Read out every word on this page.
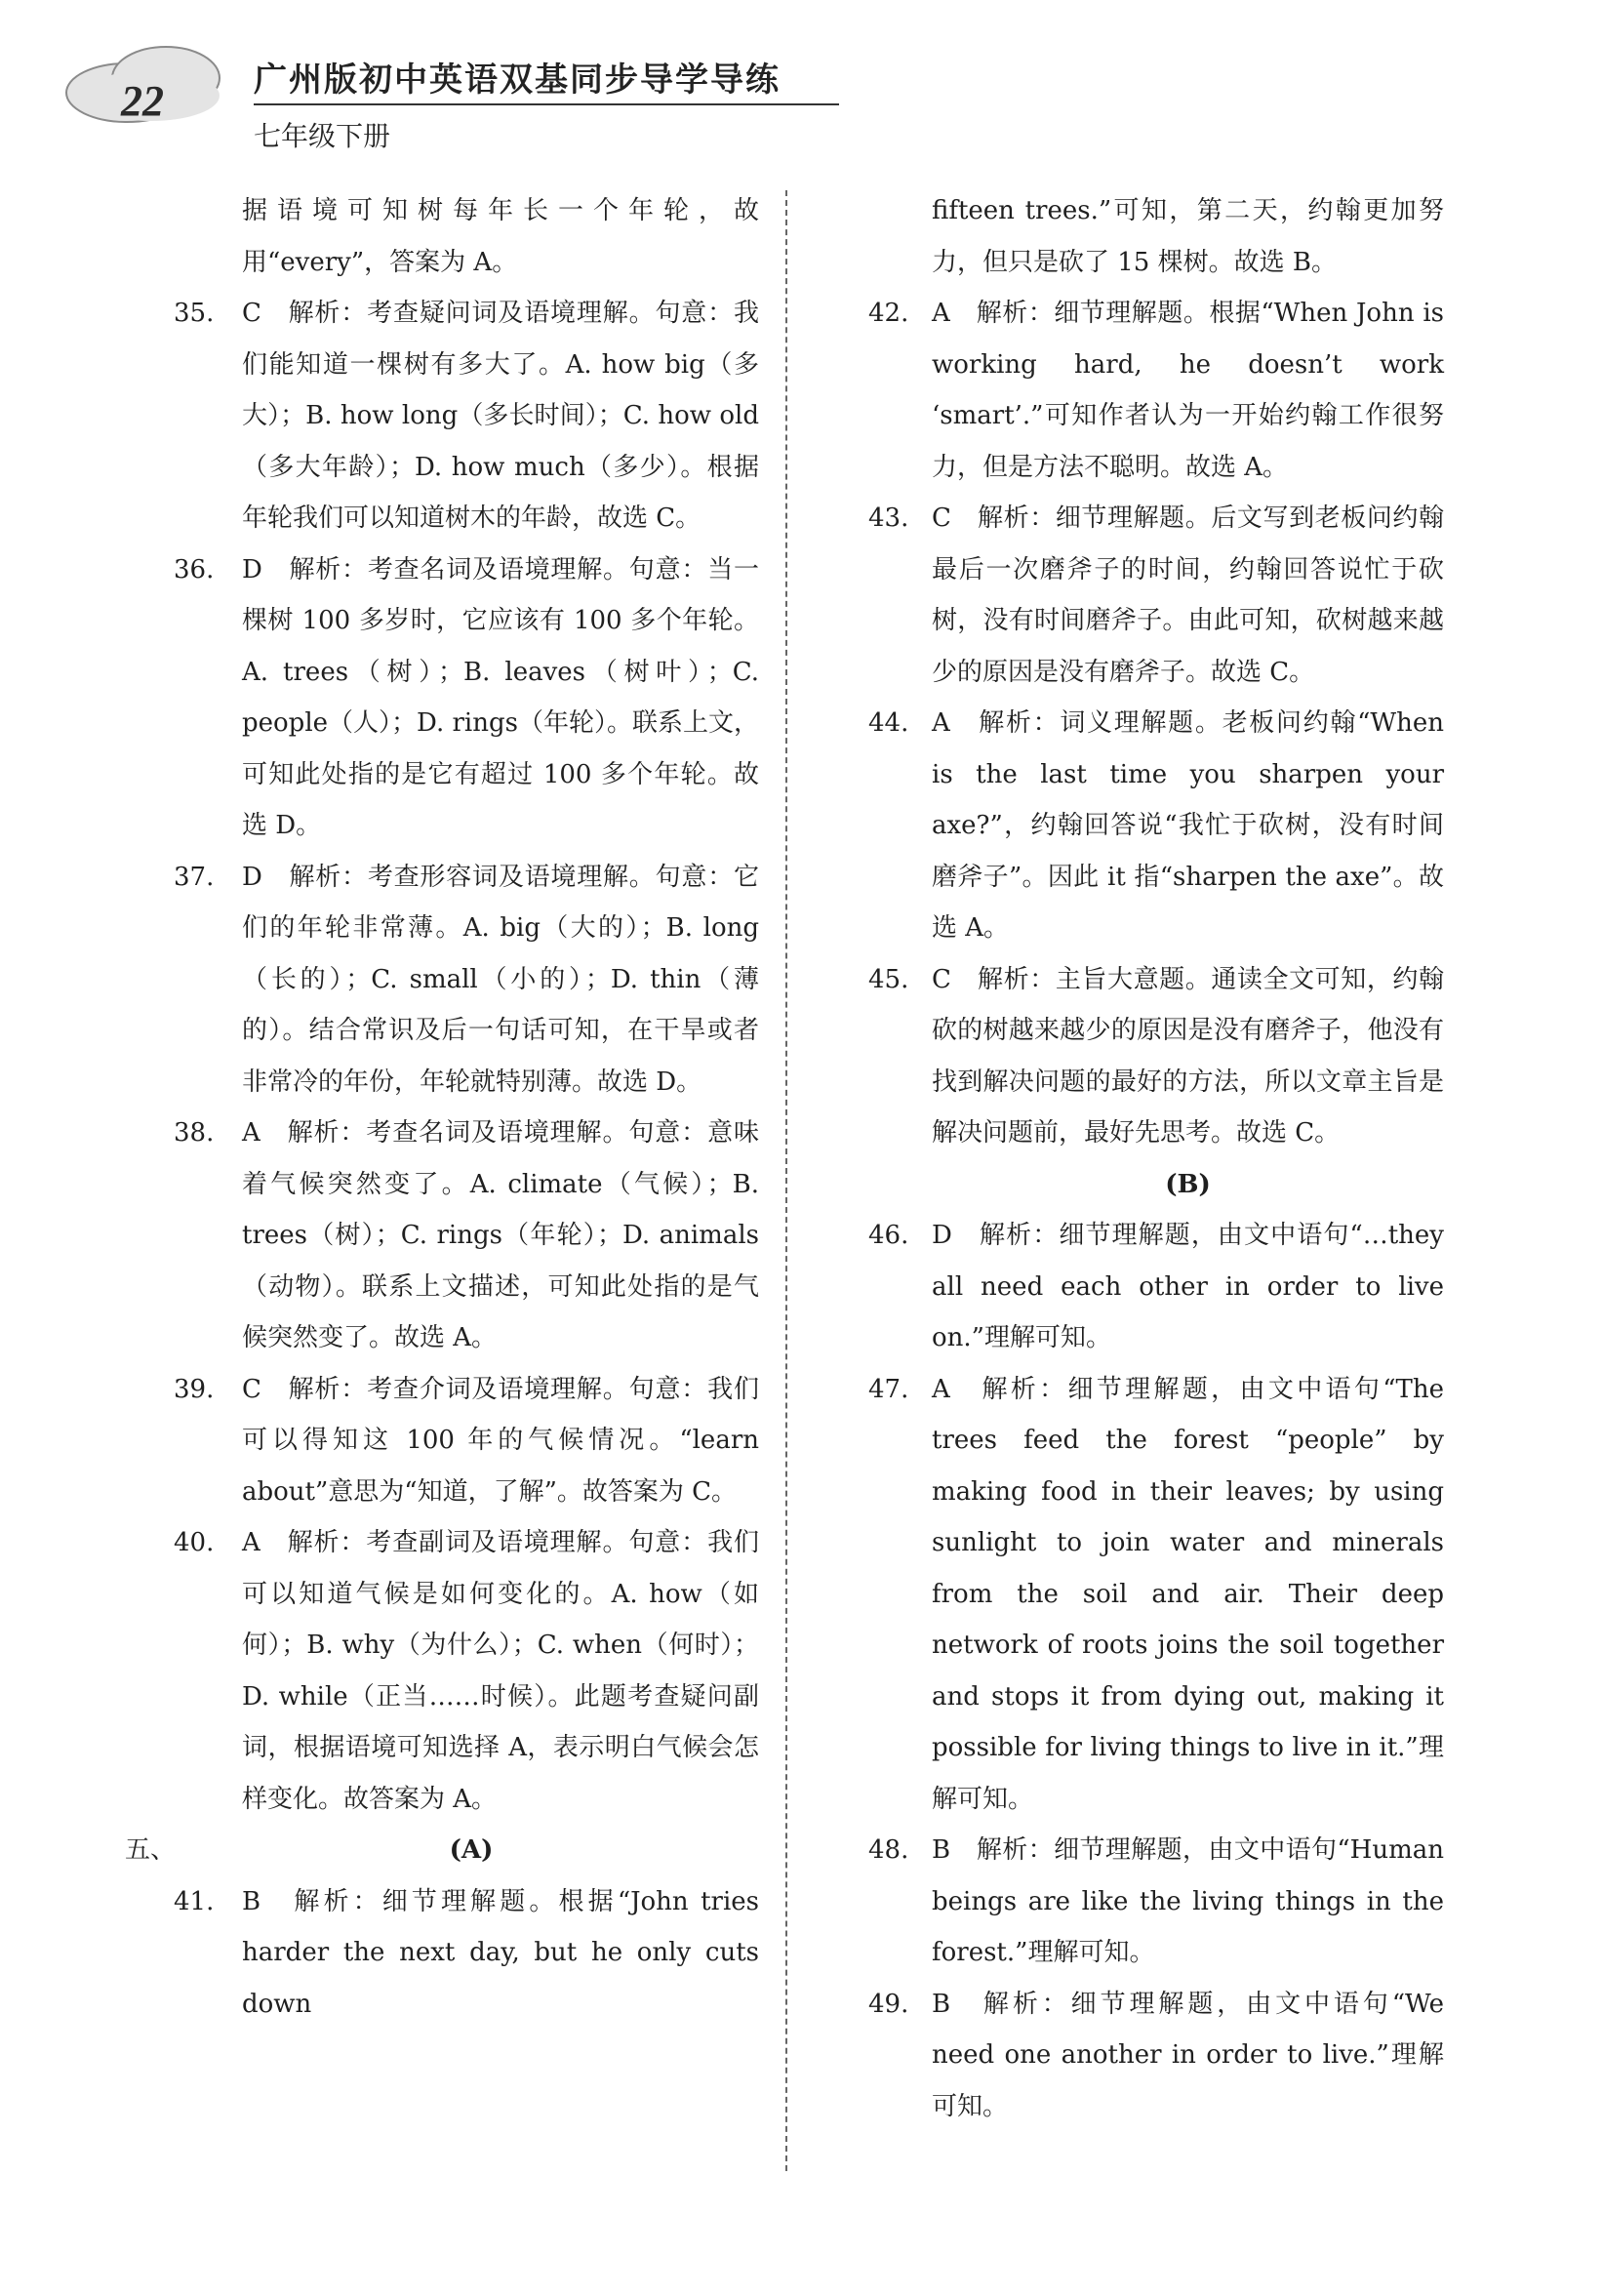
22	广州版初中英语双基同步导学导练
七年级下册
据语境可知树每年长一个年轮，故用“every”，答案为 A。
35. C　解析：考查疑问词及语境理解。句意：我们能知道一棵树有多大了。A. how big（多大）；B. how long（多长时间）；C. how old（多大年龄）；D. how much（多少）。根据年轮我们可以知道树木的年龄，故选 C。
36. D　解析：考查名词及语境理解。句意：当一棵树 100 多岁时，它应该有 100 多个年轮。A. trees（树）；B. leaves（树叶）；C. people（人）；D. rings（年轮）。联系上文，可知此处指的是它有超过 100 多个年轮。故选 D。
37. D　解析：考查形容词及语境理解。句意：它们的年轮非常薄。A. big（大的）；B. long（长的）；C. small（小的）；D. thin（薄的）。结合常识及后一句话可知，在干旱或者非常冷的年份，年轮就特别薄。故选 D。
38. A　解析：考查名词及语境理解。句意：意味着气候突然变了。A. climate（气候）；B. trees（树）；C. rings（年轮）；D. animals（动物）。联系上文描述，可知此处指的是气候突然变了。故选 A。
39. C　解析：考查介词及语境理解。句意：我们可以得知这 100 年的气候情况。“learn about”意思为“知道，了解”。故答案为 C。
40. A　解析：考查副词及语境理解。句意：我们可以知道气候是如何变化的。A. how（如何）；B. why（为什么）；C. when（何时）；D. while（正当……时候）。此题考查疑问副词，根据语境可知选择 A，表示明白气候会怎样变化。故答案为 A。
五、	(A)
41. B　解析：细节理解题。根据“John tries harder the next day, but he only cuts down
fifteen trees.”可知，第二天，约翰更加努力，但只是砍了 15 棵树。故选 B。
42. A　解析：细节理解题。根据“When John is working hard, he doesn’t work ‘smart’.”可知作者认为一开始约翰工作很努力，但是方法不聪明。故选 A。
43. C　解析：细节理解题。后文写到老板问约翰最后一次磨斧子的时间，约翰回答说忙于砍树，没有时间磨斧子。由此可知，砍树越来越少的原因是没有磨斧子。故选 C。
44. A　解析：词义理解题。老板问约翰“When is the last time you sharpen your axe?”，约翰回答说“我忙于砍树，没有时间磨斧子”。因此 it 指“sharpen the axe”。故选 A。
45. C　解析：主旨大意题。通读全文可知，约翰砍的树越来越少的原因是没有磨斧子，他没有找到解决问题的最好的方法，所以文章主旨是解决问题前，最好先思考。故选 C。
(B)
46. D　解析：细节理解题，由文中语句“…they all need each other in order to live on.”理解可知。
47. A　解析：细节理解题，由文中语句“The trees feed the forest “people” by making food in their leaves; by using sunlight to join water and minerals from the soil and air. Their deep network of roots joins the soil together and stops it from dying out, making it possible for living things to live in it.”理解可知。
48. B　解析：细节理解题，由文中语句“Human beings are like the living things in the forest.”理解可知。
49. B　解析：细节理解题，由文中语句“We need one another in order to live.”理解可知。
